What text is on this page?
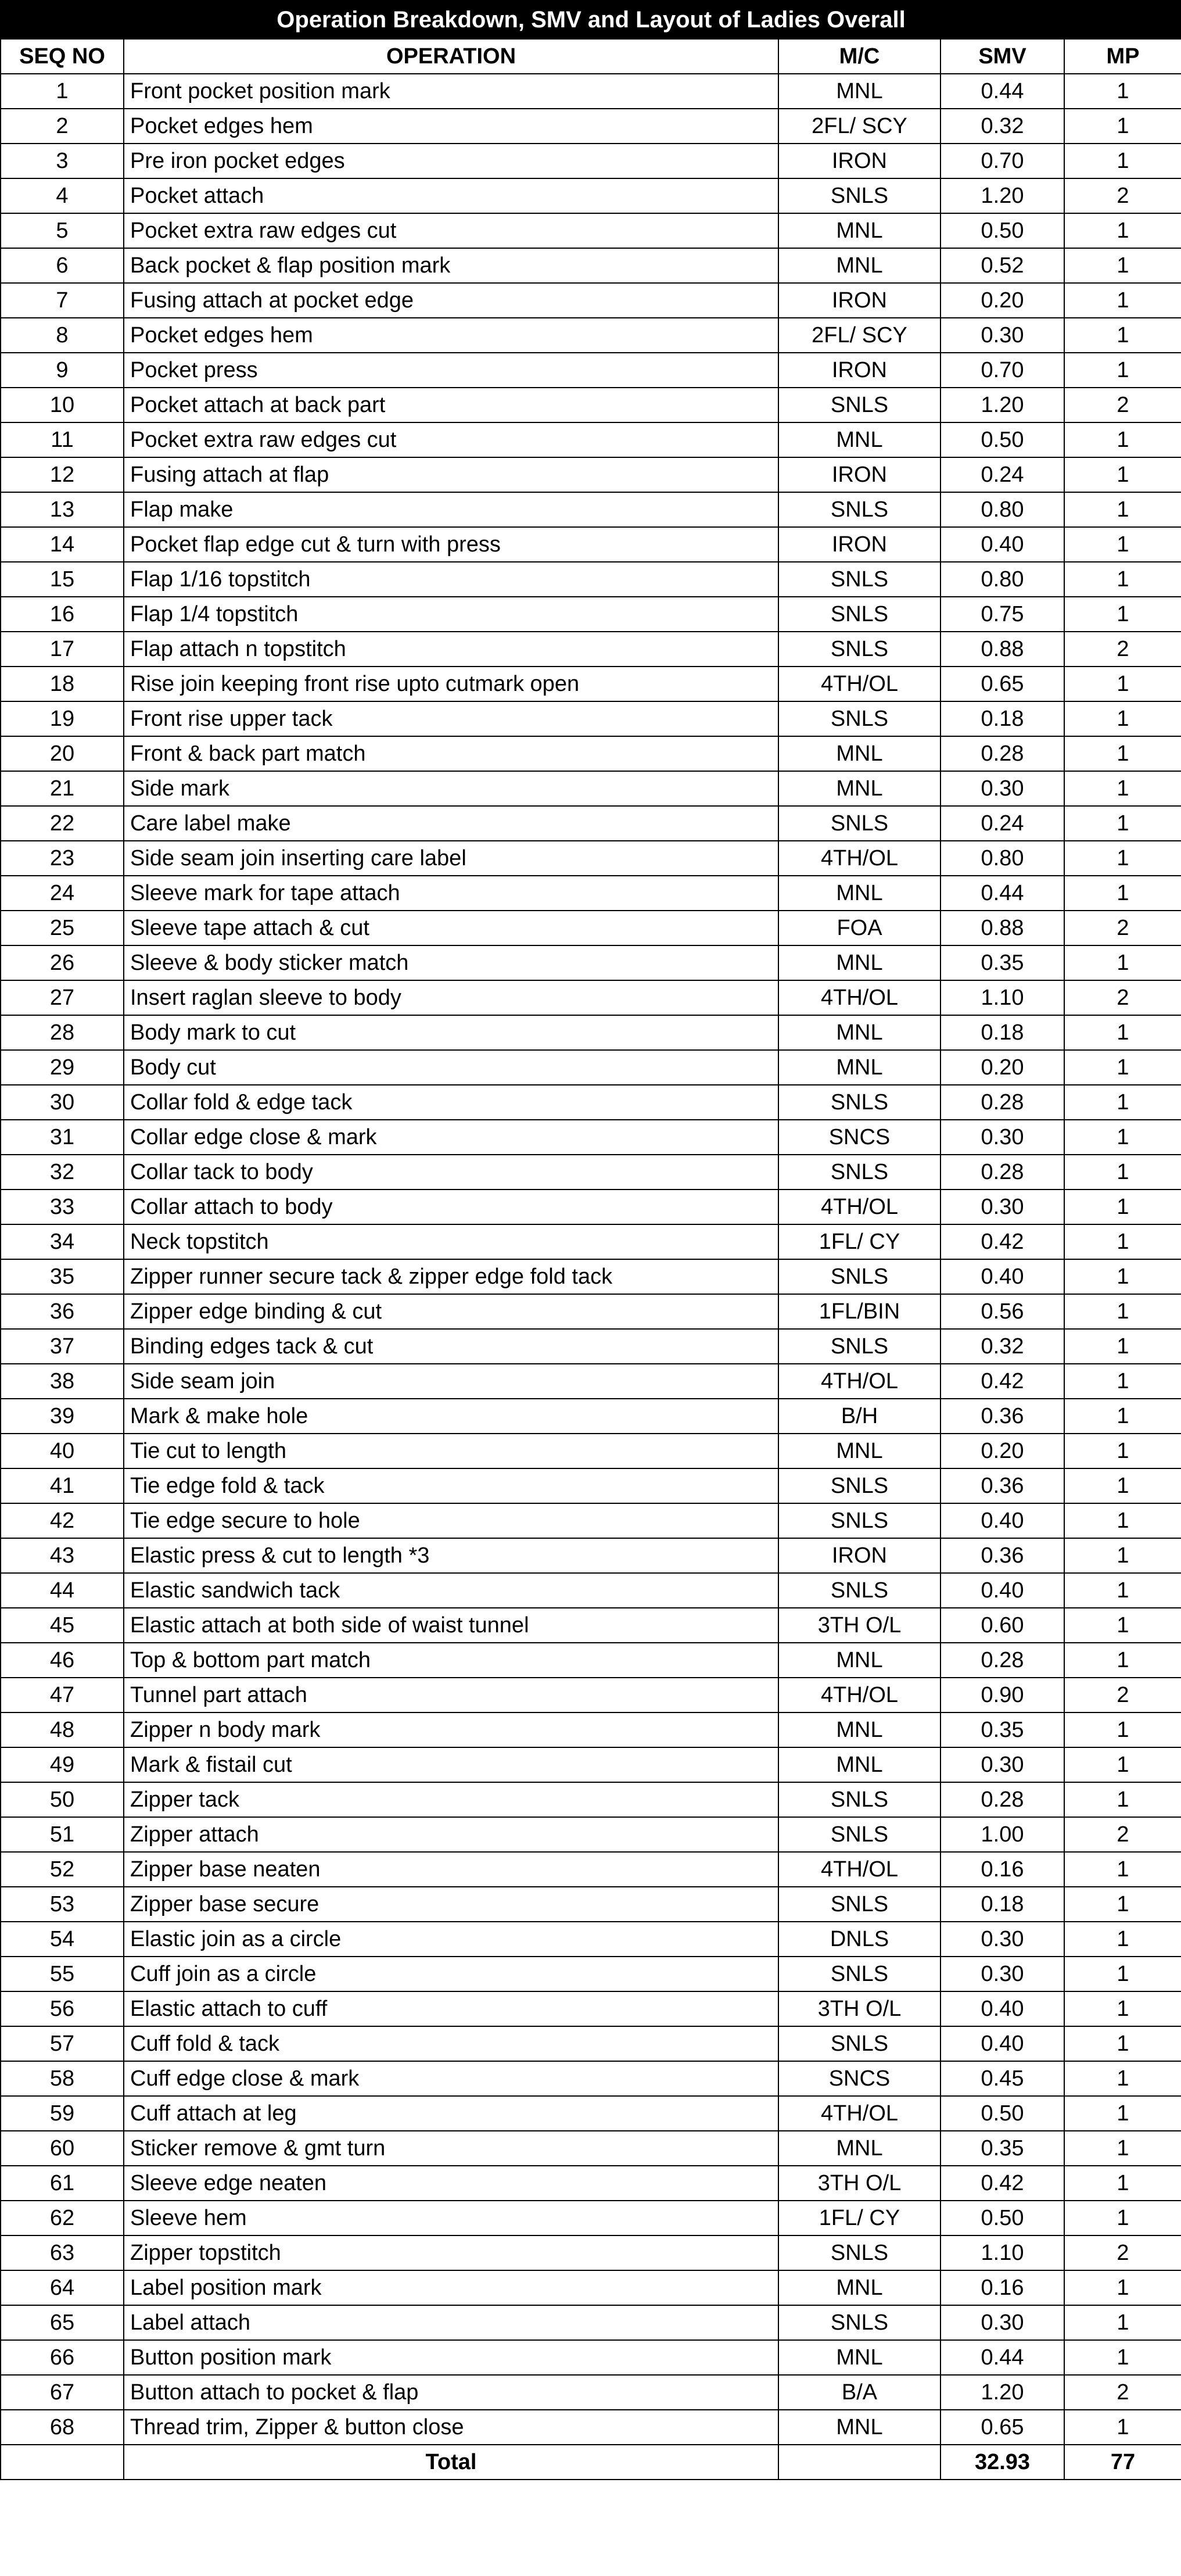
Operation Breakdown, SMV and Layout of Ladies Overall				
SEQ NO	OPERATION	M/C	SMV	MP
1	Front pocket position mark	MNL	0.44	1
2	Pocket edges hem	2FL/ SCY	0.32	1
3	Pre iron pocket edges	IRON	0.70	1
4	Pocket attach	SNLS	1.20	2
5	Pocket extra raw edges cut	MNL	0.50	1
6	Back pocket & flap position mark	MNL	0.52	1
7	Fusing attach at pocket edge	IRON	0.20	1
8	Pocket edges hem	2FL/ SCY	0.30	1
9	Pocket press	IRON	0.70	1
10	Pocket attach at back part	SNLS	1.20	2
11	Pocket extra raw edges cut	MNL	0.50	1
12	Fusing attach at flap	IRON	0.24	1
13	Flap make	SNLS	0.80	1
14	Pocket flap edge cut & turn with press	IRON	0.40	1
15	Flap 1/16 topstitch	SNLS	0.80	1
16	Flap 1/4 topstitch	SNLS	0.75	1
17	Flap attach n topstitch	SNLS	0.88	2
18	Rise join keeping front rise upto cutmark open	4TH/OL	0.65	1
19	Front rise upper tack	SNLS	0.18	1
20	Front & back part match	MNL	0.28	1
21	Side mark	MNL	0.30	1
22	Care label make	SNLS	0.24	1
23	Side seam join inserting care label	4TH/OL	0.80	1
24	Sleeve mark for tape attach	MNL	0.44	1
25	Sleeve tape attach & cut	FOA	0.88	2
26	Sleeve & body sticker match	MNL	0.35	1
27	Insert raglan sleeve to body	4TH/OL	1.10	2
28	Body mark to cut	MNL	0.18	1
29	Body cut	MNL	0.20	1
30	Collar fold & edge tack	SNLS	0.28	1
31	Collar edge close & mark	SNCS	0.30	1
32	Collar tack to body	SNLS	0.28	1
33	Collar attach to body	4TH/OL	0.30	1
34	Neck topstitch	1FL/ CY	0.42	1
35	Zipper runner secure tack & zipper edge fold tack	SNLS	0.40	1
36	Zipper edge binding & cut	1FL/BIN	0.56	1
37	Binding edges tack & cut	SNLS	0.32	1
38	Side seam join	4TH/OL	0.42	1
39	Mark & make hole	B/H	0.36	1
40	Tie cut to length	MNL	0.20	1
41	Tie edge fold & tack	SNLS	0.36	1
42	Tie edge secure to hole	SNLS	0.40	1
43	Elastic press & cut to length *3	IRON	0.36	1
44	Elastic sandwich tack	SNLS	0.40	1
45	Elastic attach at both side of waist tunnel	3TH O/L	0.60	1
46	Top & bottom part match	MNL	0.28	1
47	Tunnel part attach	4TH/OL	0.90	2
48	Zipper n body mark	MNL	0.35	1
49	Mark & fistail cut	MNL	0.30	1
50	Zipper tack	SNLS	0.28	1
51	Zipper attach	SNLS	1.00	2
52	Zipper base neaten	4TH/OL	0.16	1
53	Zipper base secure	SNLS	0.18	1
54	Elastic join as a circle	DNLS	0.30	1
55	Cuff join as a circle	SNLS	0.30	1
56	Elastic attach to cuff	3TH O/L	0.40	1
57	Cuff fold & tack	SNLS	0.40	1
58	Cuff edge close & mark	SNCS	0.45	1
59	Cuff attach at leg	4TH/OL	0.50	1
60	Sticker remove & gmt turn	MNL	0.35	1
61	Sleeve edge neaten	3TH O/L	0.42	1
62	Sleeve hem	1FL/ CY	0.50	1
63	Zipper topstitch	SNLS	1.10	2
64	Label position mark	MNL	0.16	1
65	Label attach	SNLS	0.30	1
66	Button position mark	MNL	0.44	1
67	Button attach to pocket & flap	B/A	1.20	2
68	Thread trim, Zipper & button close	MNL	0.65	1
	Total		32.93	77
